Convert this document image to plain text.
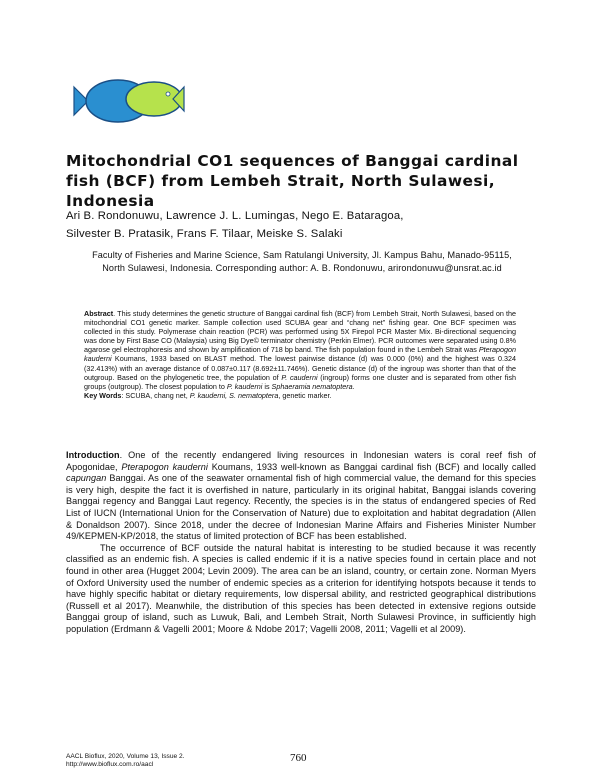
Mitochondrial CO1 sequences of Banggai cardinal fish (BCF) from Lembeh Strait, North Sulawesi, Indonesia
Ari B. Rondonuwu, Lawrence J. L. Lumingas, Nego E. Bataragoa,
Silvester B. Pratasik, Frans F. Tilaar, Meiske S. Salaki
Faculty of Fisheries and Marine Science, Sam Ratulangi University, Jl. Kampus Bahu, Manado-95115, North Sulawesi, Indonesia. Corresponding author: A. B. Rondonuwu, arirondonuwu@unsrat.ac.id
Abstract. This study determines the genetic structure of Banggai cardinal fish (BCF) from Lembeh Strait, North Sulawesi, based on the mitochondrial CO1 genetic marker. Sample collection used SCUBA gear and “chang net” fishing gear. One BCF specimen was collected in this study. Polymerase chain reaction (PCR) was performed using 5X Firepol PCR Master Mix. Bi-directional sequencing was done by First Base CO (Malaysia) using Big Dye© terminator chemistry (Perkin Elmer). PCR outcomes were separated using 0.8% agarose gel electrophoresis and shown by amplification of 718 bp band. The fish population found in the Lembeh Strait was Pterapogon kauderni Koumans, 1933 based on BLAST method. The lowest pairwise distance (d) was 0.000 (0%) and the highest was 0.324 (32.413%) with an average distance of 0.087±0.117 (8.692±11.746%). Genetic distance (d) of the ingroup was shorter than that of the outgroup. Based on the phylogenetic tree, the population of P. cauderni (ingroup) forms one cluster and is separated from other fish groups (outgroup). The closest population to P. kauderni is Sphaeramia nematoptera.
Key Words: SCUBA, chang net, P. kauderni, S. nematoptera, genetic marker.

Introduction. One of the recently endangered living resources in Indonesian waters is coral reef fish of Apogonidae, Pterapogon kauderni Koumans, 1933 well-known as Banggai cardinal fish (BCF) and locally called capungan Banggai. As one of the seawater ornamental fish of high commercial value, the demand for this species is very high, despite the fact it is overfished in nature, particularly in its original habitat, Banggai islands covering Banggai regency and Banggai Laut regency. Recently, the species is in the status of endangered species of Red List of IUCN (International Union for the Conservation of Nature) due to exploitation and habitat degradation (Allen & Donaldson 2007). Since 2018, under the decree of Indonesian Marine Affairs and Fisheries Minister Number 49/KEPMEN-KP/2018, the status of limited protection of BCF has been established.

The occurrence of BCF outside the natural habitat is interesting to be studied because it was recently classified as an endemic fish. A species is called endemic if it is a native species found in certain place and not found in other area (Hugget 2004; Levin 2009). The area can be an island, country, or certain zone. Norman Myers of Oxford University used the number of endemic species as a criterion for identifying hotspots because it tends to have highly specific habitat or dietary requirements, low dispersal ability, and restricted geographical distributions (Russell et al 2017). Meanwhile, the distribution of this species has been detected in extensive regions outside Banggai group of island, such as Luwuk, Bali, and Lembeh Strait, North Sulawesi Province, in sufficiently high population (Erdmann & Vagelli 2001; Moore & Ndobe 2017; Vagelli 2008, 2011; Vagelli et al 2009).

AACL Bioflux, 2020, Volume 13, Issue 2.
http://www.bioflux.com.ro/aacl
760
